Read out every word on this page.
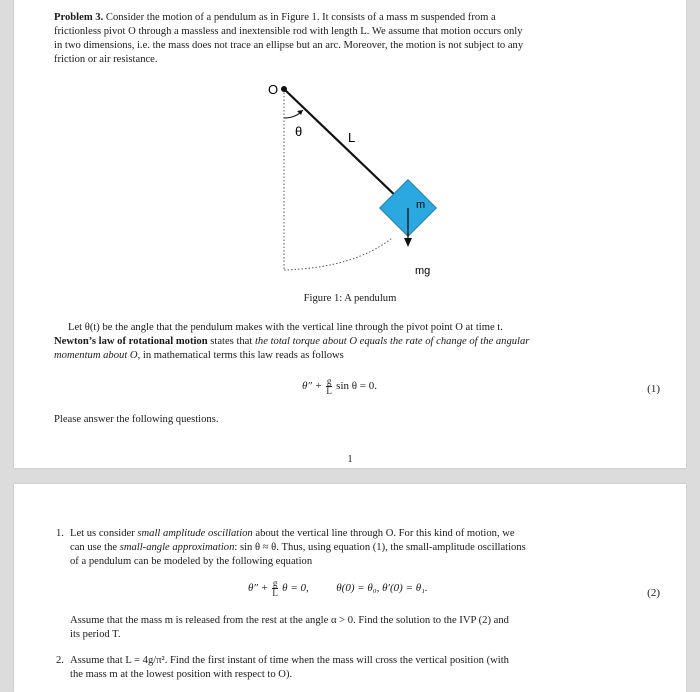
Problem 3. Consider the motion of a pendulum as in Figure 1. It consists of a mass m suspended from a
frictionless pivot O through a massless and inextensible rod with length L. We assume that motion occurs only
in two dimensions, i.e. the mass does not trace an ellipse but an arc. Moreover, the motion is not subject to any
friction or air resistance.
O
θ	L
m
mg
Figure 1: A pendulum
Let θ(t) be the angle that the pendulum makes with the vertical line through the pivot point O at time t.
Newton’s law of rotational motion states that the total torque about O equals the rate of change of the angular
momentum about O, in mathematical terms this law reads as follows
$\theta'' + \frac{g}{L}$ sin θ = 0.	(1)
Please answer the following questions.
1
1. Let us consider small amplitude oscillation about the vertical line through O. For this kind of motion, we
can use the small-angle approximation: sin θ ≈ θ. Thus, using equation (1), the small-amplitude oscillations
of a pendulum can be modeled by the following equation
$\theta'' + \frac{g}{L}$ θ = 0,	θ(0) = θ₀, θ′(0) = θ₁.	(2)
Assume that the mass m is released from the rest at the angle α > 0. Find the solution to the IVP (2) and
its period T.
2. Assume that L = 4g/π². Find the first instant of time when the mass will cross the vertical position (with
the mass m at the lowest position with respect to O).
